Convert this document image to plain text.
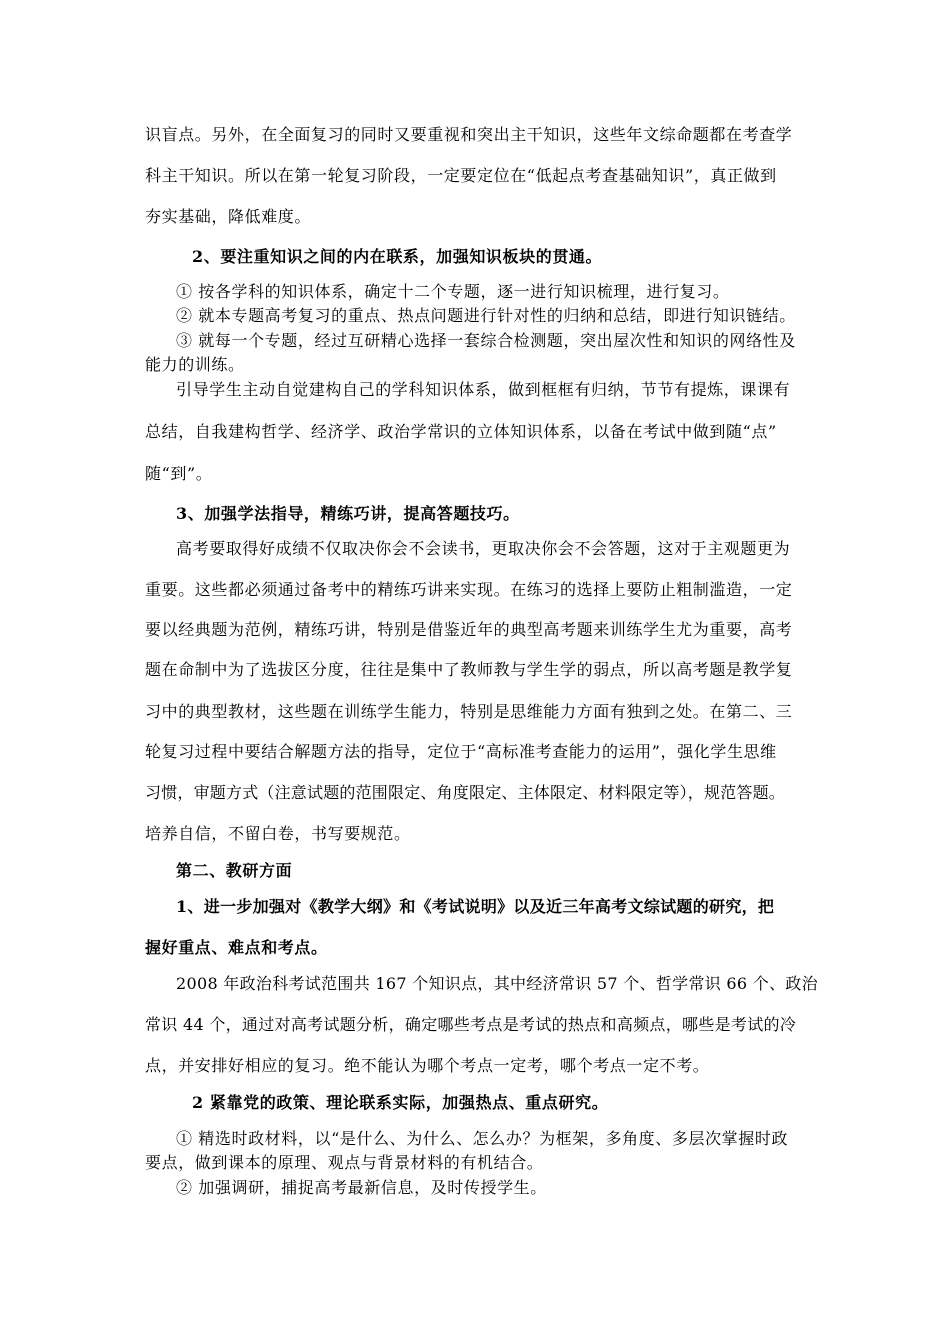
识盲点。另外，在全面复习的同时又要重视和突出主干知识，这些年文综命题都在考查学
科主干知识。所以在第一轮复习阶段，一定要定位在“低起点考查基础知识”，真正做到
夯实基础，降低难度。
2、要注重知识之间的内在联系，加强知识板块的贯通。
① 按各学科的知识体系，确定十二个专题，逐一进行知识梳理，进行复习。
② 就本专题高考复习的重点、热点问题进行针对性的归纳和总结，即进行知识链结。
③ 就每一个专题，经过互研精心选择一套综合检测题，突出屋次性和知识的网络性及
能力的训练。
引导学生主动自觉建构自己的学科知识体系，做到框框有归纳，节节有提炼，课课有
总结，自我建构哲学、经济学、政治学常识的立体知识体系，以备在考试中做到随“点”
随“到”。
3、加强学法指导，精练巧讲，提高答题技巧。
高考要取得好成绩不仅取决你会不会读书，更取决你会不会答题，这对于主观题更为
重要。这些都必须通过备考中的精练巧讲来实现。在练习的选择上要防止粗制滥造，一定
要以经典题为范例，精练巧讲，特别是借鉴近年的典型高考题来训练学生尤为重要，高考
题在命制中为了选拔区分度，往往是集中了教师教与学生学的弱点，所以高考题是教学复
习中的典型教材，这些题在训练学生能力，特别是思维能力方面有独到之处。在第二、三
轮复习过程中要结合解题方法的指导，定位于“高标准考查能力的运用”，强化学生思维
习惯，审题方式（注意试题的范围限定、角度限定、主体限定、材料限定等），规范答题。
培养自信，不留白卷，书写要规范。
第二、教研方面
1、进一步加强对《教学大纲》和《考试说明》以及近三年高考文综试题的研究，把
握好重点、难点和考点。
2008 年政治科考试范围共 167 个知识点，其中经济常识 57 个、哲学常识 66 个、政治
常识 44 个，通过对高考试题分析，确定哪些考点是考试的热点和高频点，哪些是考试的冷
点，并安排好相应的复习。绝不能认为哪个考点一定考，哪个考点一定不考。
2 紧靠党的政策、理论联系实际，加强热点、重点研究。
① 精选时政材料，以“是什么、为什么、怎么办？为框架，多角度、多层次掌握时政
要点，做到课本的原理、观点与背景材料的有机结合。
② 加强调研，捕捉高考最新信息，及时传授学生。
